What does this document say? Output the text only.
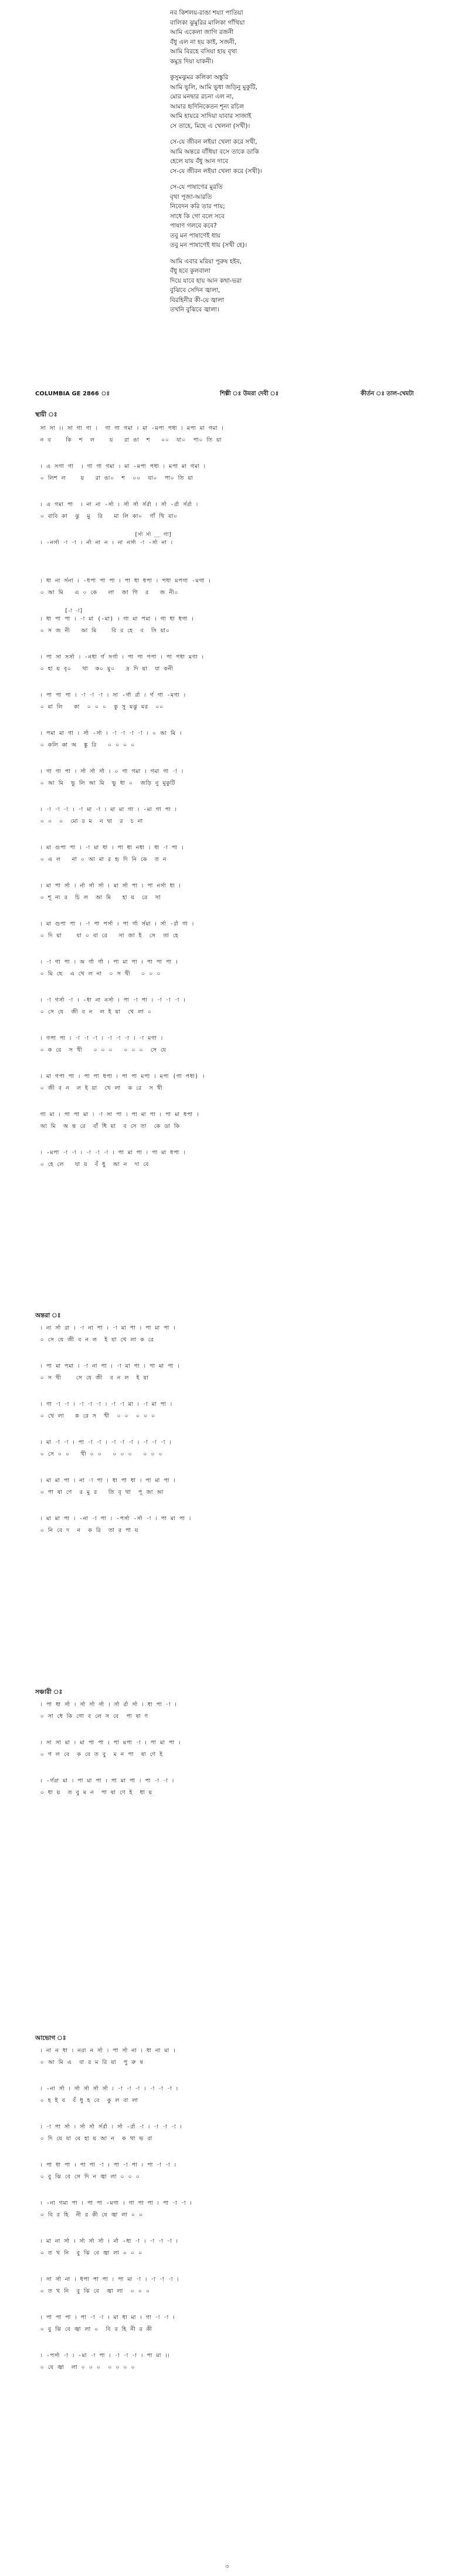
নব কিশলয়-রাঙা শয্যা পাতিয়া
বালিকা ঝুমুরির মালিকা গাঁথিয়া
আমি একেলা জাগি রজনী
বঁধু এল না হয় কাই, সজনী,
আমি বিরহে বসিয়া হায় বৃথা
কমুদ্র দিয়া যাকনী।
কুসুমঝুমর কলিকা অঙ্কুরি
আমি ভুলি, আমি ভুধা জড়িনু মুকুটি,
মোর মনদ্বার রচনা এল না,
আমার হৃদিনিকেতন শূন্য রচিল
আমি হায়রে সাদিয়া যাবার সাজাই
সে তাহে, মিছে এ খেলনা (সখী)।
সে-যে জীবন লইয়া খেলা করে সখী,
আমি অন্তরে বাঁধিয়া বসে তাকে ডাকি
হেলে যায় বঁধু আন দাবে
সে-যে জীবন লইয়া খেলা করে (সখী)।
সে-যে পাষাণের মুরতি
বৃথা পূজা-আরতি
নিবেদন করি তার পায়;
সাধে কি গো বলে সবে
পাষাণ গলবে কবে?
তবু মন পাষাণেই ধায়
তবু মন পাষাণেই ধায় (সখী হে)।
আমি এবার মরিয়া পুরুষ হইব,
বঁধু হবে কুলবালা
দিয়ে যাবে হায় আন কথা-ভরা
বুঝিবে সেদিন জ্বালা,
বিরহিনীর কী-যে জ্বালা
তখনি বুঝিবে জ্বালা।
COLUMBIA GE 2866 ঃ	শিল্পী ঃ উমরা দেবী ঃ	কীর্তন ঃ তাল-খেমটা
স্থায়ী ঃ
অন্তরা ঃ
সঞ্চারী ঃ
আভোগ ঃ
সা সা ।। সা গা গা ।  গা গা গমা । মা -মপা পধা । মপা মা গমা ।
ন ব    কি  শ  ল    য়   রা ঙা  শ   ০০  যা০  পা০ তি য়া
। এ সগা গা  । গা গা গমা । মা -মপা পধা । মপা মা গমা ।
০ লিশ ল    য়   রা ঙা০  শ  ০০  যা০  পা০ তি য়া
। এ গমা পা  । না না -র্সা । র্সা র্সা র্সর্রা । র্সা -র্রা র্সর্রা ।
০ বাবি কা  ঝু  মু  রি   মা লি কা০  গাঁ থি য়া০
[র্সা র্সা __ গা]
। -নর্সা -া -া । র্না না ন । না নর্সা -া -র্সা না ।
। ধা না র্সনা । -ধপা পা পা । পা ধা ধপা । পধা মপগা -মগা ।
০ আ মি   এ ০ কে   লা  জা গি  র   জ নী০
[-া -া]
। ধা পা পা । -া মা (-মা) । গা মা পমা । গা ধা ধগা ।
০ স জ নী   আ মি    বি র হে  ব  সি য়া০
। পা সা সর্সা । -নধা র্গ সর্গা । পা পা পপা । পা পধা মগা ।
০ হা য় বৃ০   থা  ক০ মু০   দ্র দি য়া  যা কনী
। পা পা পা । -া -া -া । সা -র্গা র্রা । র্গ গা -মগা ।
০ মা লি   কা  ০ ০ ০  কু সু মঝু মর  ০০
। পমা মা গা । র্সা -র্সা । -া -া -া -া । ০ আ মি ।
০ কলি কা অ  ঙ্কু রি   ০ ০ ০ ০
। গা গা পা । র্সা র্সা র্সা । ০ গা গমা । গমা গা -া ।
০ আ মি  ভু লি আ মি  ভু ধা ০  জড়ি নু মুকুটি
। -া -া -া । -া মা -া । মা মা গা । -মা গা পা ।
০ ০  ০  মো র ম  ন দ্বা  র  চ না
। মা গুপা পা । -া মা ধা । পা ধা নধা । ধা -া পা ।
০ এ ল   না ০ আ মা র হৃ দি নি কে  ত ন
। মা পা র্সা । র্না র্সা র্সা । মা র্সা পা । পা নর্সা ধা ।
০ শূ ন্য র  চি ল  আ মি   হা য়  রে  সা
। মা গুপা পা । -া পা পর্সা । পা র্গা র্সমা । র্সা -র্রা গা ।
০ দি য়া    যা ০ বা রে   সা জা ই  সে  তা হে
। -া গা পা । অ র্গা র্গা । পা মা পা । পা পা পা ।
০ মি ছে  এ খে ল না  ০ স খী   ০ ০ ০
। -া গর্সা -া । -ধা না নর্সা । পা -া পা । -া -া -া ।
০ সে যে  জী ব ন  ল ই য়া  খে লা ০
। গপা পা । -া -া -া । -া -া -া । -া মগা ।
০ ক রে  স খী   ০ ০ ০   ০ ০ ০  সে যে
। মা গপা পা । পা পা ধপা । পা পা মপা । মপা (গা পধা) ।
০ জী ব ন  ল ই য়া  খে লা  ক রে  স খী
গা মা । পা পা মা । -া সা পা । পা মা পা । পা মা ধপা ।
আ মি  অ ন্ত রে  বাঁ ধি য়া  ব সে তা  কে ডা কি
। -মপা -া -া । -া -া -া । পা মা পা । পা মা ধপা ।
০ হে লে   যা য়  বঁ ধু  আ ন  দা বে
। না র্সা রা । -া না পা । -া মা পা । পা মা পা ।
০ সে যে জী ব ন ল  ই য়া খে লা ক রে
। পা মা পমা । -া না পা । -া মা পা । পা মা পা ।
০ স খী    সে যে জী  ব ন ল  ই য়া
। গা -া -া । -া -া -া । -া -া মা । -া মা পা ।
০ খে লা   ক রে স  খী  ০ ০  ০ ০ ০
। মা -া -া । পা -া -া । -া -া -া । -া -া -া ।
০ সে ০ ০   খী ০ ০   ০ ০ ০   ০ ০ ০
। মা মা পা । না -া পা । ধা পা ধা । পা মা পা ।
০ পা ষা ণে  র মু র   তি বৃ থা  পূ জা আ
। মা মা পা । -না -া পা । -পর্সা -র্সা -া । পা মা পা ।
০ নি বে দ  ন  ক রি  তা র পা য়
। পা ধা র্সা । র্সা র্সা র্সা । র্সা র্রা র্সা । ধা পা -া ।
০ সা ধে কি গো ব লে স বে  পা ষা ণ
। সা সা মা । মা পা পা । পা মপা -া । পা মা পা ।
০ গ ল বে  ক বে ত বু  ম ন পা  ষা ণে ই
। -র্গরা মা । পা মা পা । পা মা পা । পা -া -া ।
০ ধা য়  ত বু ম ন  পা ষা ণে ই  ধা য়
। না ন ধা । নরা ন র্সা । পা র্সা না । ধা না মা ।
০ আ মি এ  বা র ম রি য়া  পু রু ষ
। -না র্সা । র্সা র্সা র্সা র্সা । -া -া -া । -া -া -া ।
০ হ ই ব  বঁ ধু হ বে  কু ল বা লা
। -া পা র্সা । র্সা র্সা র্সর্রা । র্সা -র্রা -া । -া -া -া ।
০ দি য়ে যা বে হা য় আ ন  ক থা ভ রা
। পা ধা পা । পা পা -া । পা -া পা । পা -া -া ।
০ বু ঝি বে সে দি ন জ্বা লা ০ ০ ০
। -না গমা পা । পা পা -মগা । গা পা পা । পা -া -া ।
০ বি র হি  নী র কী যে জ্বা লা ০ ০
। মা না র্সা । র্সা র্সা র্সা । র্না -ধা -া । -া -া -া ।
০ ত খ নি  বু ঝি বে জ্বা লা ০ ০ ০
। সা র্সা না । ধপা পা পা । পা মা -া । -া -া -া ।
০ ত খ নি  বু ঝি বে  জ্বা লা  ০ ০ ০
। পা পা পা । পা -া -া । মা ধা মা । গা -া -া ।
০ বু ঝি বে জ্বা লা ০  বি র হি নী র কী
। -পর্সা -া । -মা -া পা । -া -া -া । পা মা ।।
০ যে জ্বা  লা ০ ০ ০  ০ ০ ০ ০
৩
